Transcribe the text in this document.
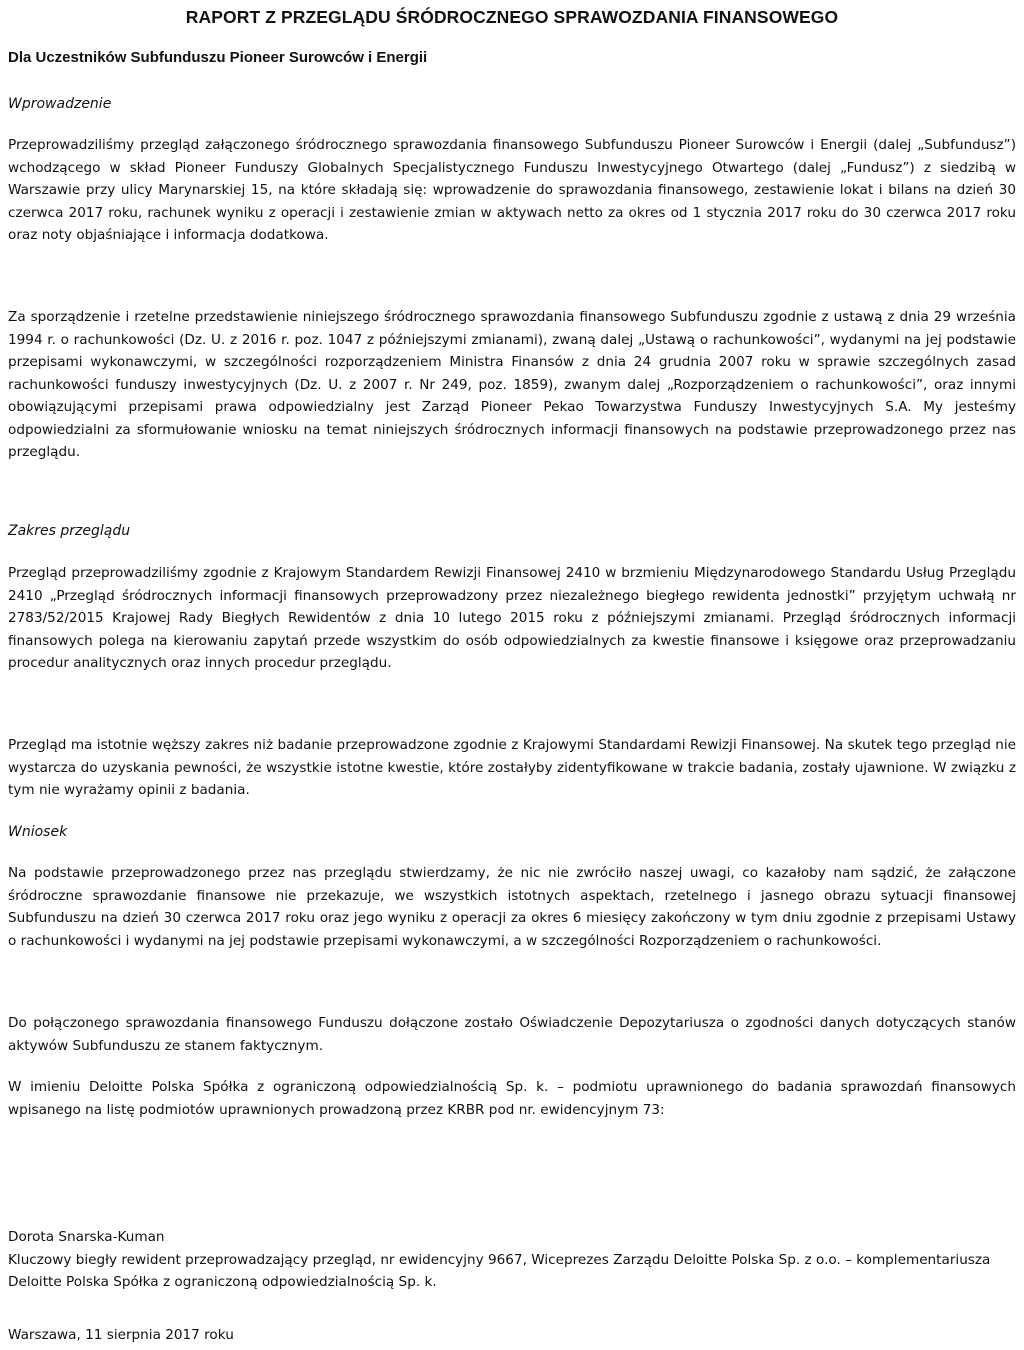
RAPORT Z PRZEGLĄDU ŚRÓDROCZNEGO SPRAWOZDANIA FINANSOWEGO
Dla Uczestników Subfunduszu Pioneer Surowców i Energii

Wprowadzenie

Przeprowadziliśmy przegląd załączonego śródrocznego sprawozdania finansowego Subfunduszu Pioneer Surowców i Energii (dalej „Subfundusz”) wchodzącego w skład Pioneer Funduszy Globalnych Specjalistycznego Funduszu Inwestycyjnego Otwartego (dalej „Fundusz”) z siedzibą w Warszawie przy ulicy Marynarskiej 15, na które składają się: wprowadzenie do sprawozdania finansowego, zestawienie lokat i bilans na dzień 30 czerwca 2017 roku, rachunek wyniku z operacji i zestawienie zmian w aktywach netto za okres od 1 stycznia 2017 roku do 30 czerwca 2017 roku oraz noty objaśniające i informacja dodatkowa.

Za sporządzenie i rzetelne przedstawienie niniejszego śródrocznego sprawozdania finansowego Subfunduszu zgodnie z ustawą z dnia 29 września 1994 r. o rachunkowości (Dz. U. z 2016 r. poz. 1047 z późniejszymi zmianami), zwaną dalej „Ustawą o rachunkowości”, wydanymi na jej podstawie przepisami wykonawczymi, w szczególności rozporządzeniem Ministra Finansów z dnia 24 grudnia 2007 roku w sprawie szczególnych zasad rachunkowości funduszy inwestycyjnych (Dz. U. z 2007 r. Nr 249, poz. 1859), zwanym dalej „Rozporządzeniem o rachunkowości”, oraz innymi obowiązującymi przepisami prawa odpowiedzialny jest Zarząd Pioneer Pekao Towarzystwa Funduszy Inwestycyjnych S.A. My jesteśmy odpowiedzialni za sformułowanie wniosku na temat niniejszych śródrocznych informacji finansowych na podstawie przeprowadzonego przez nas przeglądu.

Zakres przeglądu

Przegląd przeprowadziliśmy zgodnie z Krajowym Standardem Rewizji Finansowej 2410 w brzmieniu Międzynarodowego Standardu Usług Przeglądu 2410 „Przegląd śródrocznych informacji finansowych przeprowadzony przez niezależnego biegłego rewidenta jednostki” przyjętym uchwałą nr 2783/52/2015 Krajowej Rady Biegłych Rewidentów z dnia 10 lutego 2015 roku z późniejszymi zmianami. Przegląd śródrocznych informacji finansowych polega na kierowaniu zapytań przede wszystkim do osób odpowiedzialnych za kwestie finansowe i księgowe oraz przeprowadzaniu procedur analitycznych oraz innych procedur przeglądu.

Przegląd ma istotnie węższy zakres niż badanie przeprowadzone zgodnie z Krajowymi Standardami Rewizji Finansowej. Na skutek tego przegląd nie wystarcza do uzyskania pewności, że wszystkie istotne kwestie, które zostałyby zidentyfikowane w trakcie badania, zostały ujawnione. W związku z tym nie wyrażamy opinii z badania.

Wniosek

Na podstawie przeprowadzonego przez nas przeglądu stwierdzamy, że nic nie zwróciło naszej uwagi, co kazałoby nam sądzić, że załączone śródroczne sprawozdanie finansowe nie przekazuje, we wszystkich istotnych aspektach, rzetelnego i jasnego obrazu sytuacji finansowej Subfunduszu na dzień 30 czerwca 2017 roku oraz jego wyniku z operacji za okres 6 miesięcy zakończony w tym dniu zgodnie z przepisami Ustawy o rachunkowości i wydanymi na jej podstawie przepisami wykonawczymi, a w szczególności Rozporządzeniem o rachunkowości.

Do połączonego sprawozdania finansowego Funduszu dołączone zostało Oświadczenie Depozytariusza o zgodności danych dotyczących stanów aktywów Subfunduszu ze stanem faktycznym.

W imieniu Deloitte Polska Spółka z ograniczoną odpowiedzialnością Sp. k. – podmiotu uprawnionego do badania sprawozdań finansowych wpisanego na listę podmiotów uprawnionych prowadzoną przez KRBR pod nr. ewidencyjnym 73:

Dorota Snarska-Kuman

Kluczowy biegły rewident przeprowadzający przegląd, nr ewidencyjny 9667, Wiceprezes Zarządu Deloitte Polska Sp. z o.o. – komplementariusza Deloitte Polska Spółka z ograniczoną odpowiedzialnością Sp. k.

Warszawa, 11 sierpnia 2017 roku
